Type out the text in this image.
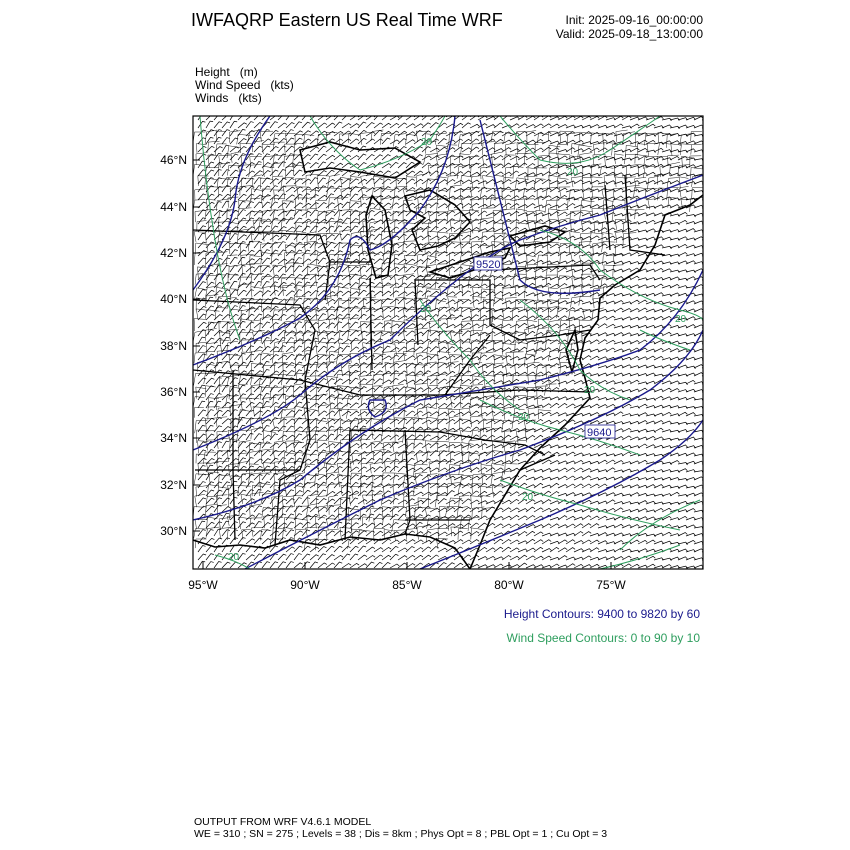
IWFAQRP Eastern US Real Time WRF	Init: 2025-09-16_00:00:00
Valid: 2025-09-18_13:00:00
Height (m)
Wind Speed (kts)
Winds (kts)
9520
9640
20
20
20
20
20
20
20
20
46°N
44°N
42°N
40°N
38°N
36°N
34°N
32°N
30°N
95°W	90°W	85°W	80°W	75°W
Height Contours: 9400 to 9820 by 60
Wind Speed Contours: 0 to 90 by 10
OUTPUT FROM WRF V4.6.1 MODEL
WE = 310 ; SN = 275 ; Levels = 38 ; Dis = 8km ; Phys Opt = 8 ; PBL Opt = 1 ; Cu Opt = 3
